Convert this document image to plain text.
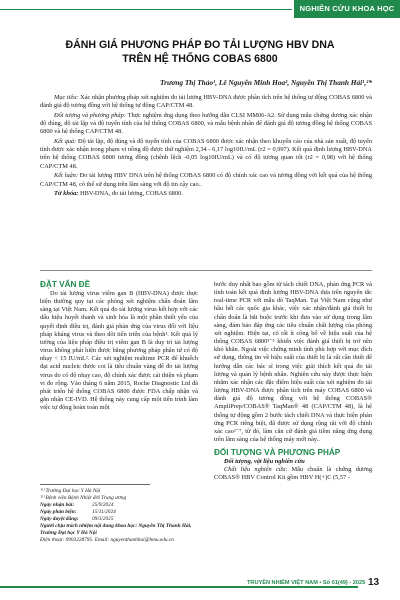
NGHIÊN CỨU KHOA HỌC
ĐÁNH GIÁ PHƯƠNG PHÁP ĐO TẢI LƯỢNG HBV DNA
TRÊN HỆ THỐNG COBAS 6800
Trương Thị Thảo¹, Lê Nguyễn Minh Hoa², Nguyễn Thị Thanh Hải¹,²*

Mục tiêu: Xác nhận phương pháp xét nghiệm đo tải lượng HBV-DNA được phân tích trên hệ thống tự động COBAS 6800 và đánh giá độ tương đồng với hệ thống tự động CAP/CTM 48.

Đối tượng và phương pháp: Thực nghiệm ứng dụng theo hướng dẫn CLSI MM06-A2. Sử dụng mẫu chứng dương xác nhận độ đúng, độ tái lặp và độ tuyến tính của hệ thống COBAS 6800, và mẫu bệnh nhân để đánh giá độ tương đồng hệ thống COBAS 6800 và hệ thống CAP/CTM 48.

Kết quả: Độ tái lặp, độ đúng và độ tuyến tính của COBAS 6800 được xác nhận theo khuyến cáo của nhà sản xuất, độ tuyến tính được xác nhận trong phạm vi nồng độ được thử nghiệm 2,34 - 6,17 log10IU/mL (r2 = 0,997). Kết quả định lượng HBV-DNA trên hệ thống COBAS 6800 tương đồng (chênh lệch -0,05 log10IU/mL) và có độ tương quan tốt (r2 = 0,98) với hệ thống CAP/CTM 48.

Kết luận: Đo tải lượng HBV DNA trên hệ thống COBAS 6800 có độ chính xác cao và tương đồng với kết quả của hệ thống CAP/CTM 48, có thể sử dụng trên lâm sàng với độ tin cậy cao..

Từ khóa: HBV-DNA, đo tải lượng, COBAS 6800.

ĐẶT VẤN ĐỀ

Do tải lượng virus viêm gan B (HBV-DNA) được thực hiện thường quy tại các phòng xét nghiệm chẩn đoán lâm sàng tại Việt Nam. Kết quả đo tải lượng virus kết hợp với các dấu hiệu huyết thanh và sinh hóa là một phần thiết yếu của quyết định điều trị, đánh giá phản ứng của virus đối với liệu pháp kháng virus và theo dõi tiến triển của bệnh¹. Kết quả lý tưởng của liệu pháp điều trị viêm gan B là duy trì tải lượng virus không phát hiện được bằng phương pháp phân tử có độ nhạy < 15 IU/mL². Các xét nghiệm realtime PCR để khuếch đại acid nucleic được coi là tiêu chuẩn vàng để đo tải lượng virus do có độ nhạy cao, độ chính xác được cải thiện và phạm vi đo rộng. Vào tháng 6 năm 2015, Roche Diagnostic Ltd đã phát triển hệ thống COBAS 6800 được FDA chấp nhận và gắn nhãn CE-IVD. Hệ thống này cung cấp một tiến trình làm việc tự động hoàn toàn một

⁽¹⁾ Trường Đại học Y Hà Nội
⁽²⁾ Bệnh viện Bệnh Nhiệt đới Trung ương
Ngày nhận bài:	25/9/2024
Ngày phản biện:	15/11/2024
Ngày duyệt đăng:	09/3/2025
Người chịu trách nhiệm nội dung khoa học: Nguyễn Thị Thanh Hải, Trường Đại học Y Hà Nội
Điện thoại: 0903228795. Email: nguyenthanhhai@hmu.edu.vn

bước duy nhất bao gồm từ tách chiết DNA, phản ứng PCR và tính toán kết quả định lượng HBV-DNA dựa trên nguyên tắc real-time PCR với mẫu dò TaqMan. Tại Việt Nam cũng như hầu hết các quốc gia khác, việc xác nhận/đánh giá thiết bị chẩn đoán là bắt buộc trước khi đưa vào sử dụng trong lâm sàng, đảm bảo đáp ứng các tiêu chuẩn chất lượng của phòng xét nghiệm. Hiện tại, có rất ít công bố về hiệu suất của hệ thống COBAS 6800³⁻⁵ khiến việc đánh giá thiết bị trở nên khó khăn. Ngoài việc chứng minh tính phù hợp với mục đích sử dụng, thông tin về hiệu suất của thiết bị là rất cần thiết để hướng dẫn các bác sĩ trong việc giải thích kết quả đo tải lượng và quản lý bệnh nhân. Nghiên cứu này được thực hiện nhằm xác nhận các đặc điểm hiệu suất của xét nghiệm đo tải lượng HBV-DNA được phân tích trên máy COBAS 6800 và đánh giá độ tương đồng với hệ thống COBAS® AmpliPrep/COBAS® TaqMan® 48 (CAP/CTM 48), là hệ thống tự động gồm 2 bước tách chiết DNA và thực hiện phản ứng PCR riêng biệt, đã được sử dụng rộng rãi với độ chính xác cao²⁻⁷, từ đó, làm căn cứ đánh giá tiềm năng ứng dụng trên lâm sàng của hệ thống máy mới này..

ĐỐI TƯỢNG VÀ PHƯƠNG PHÁP

Đối tượng, vật liệu nghiên cứu

Chất liệu nghiên cứu: Mẫu chuẩn là chứng dương COBAS® HBV Control Kit gồm HBV H(+)C (5,57 -

TRUYỀN NHIỄM VIỆT NAM • Số 01(49) - 2025 13
